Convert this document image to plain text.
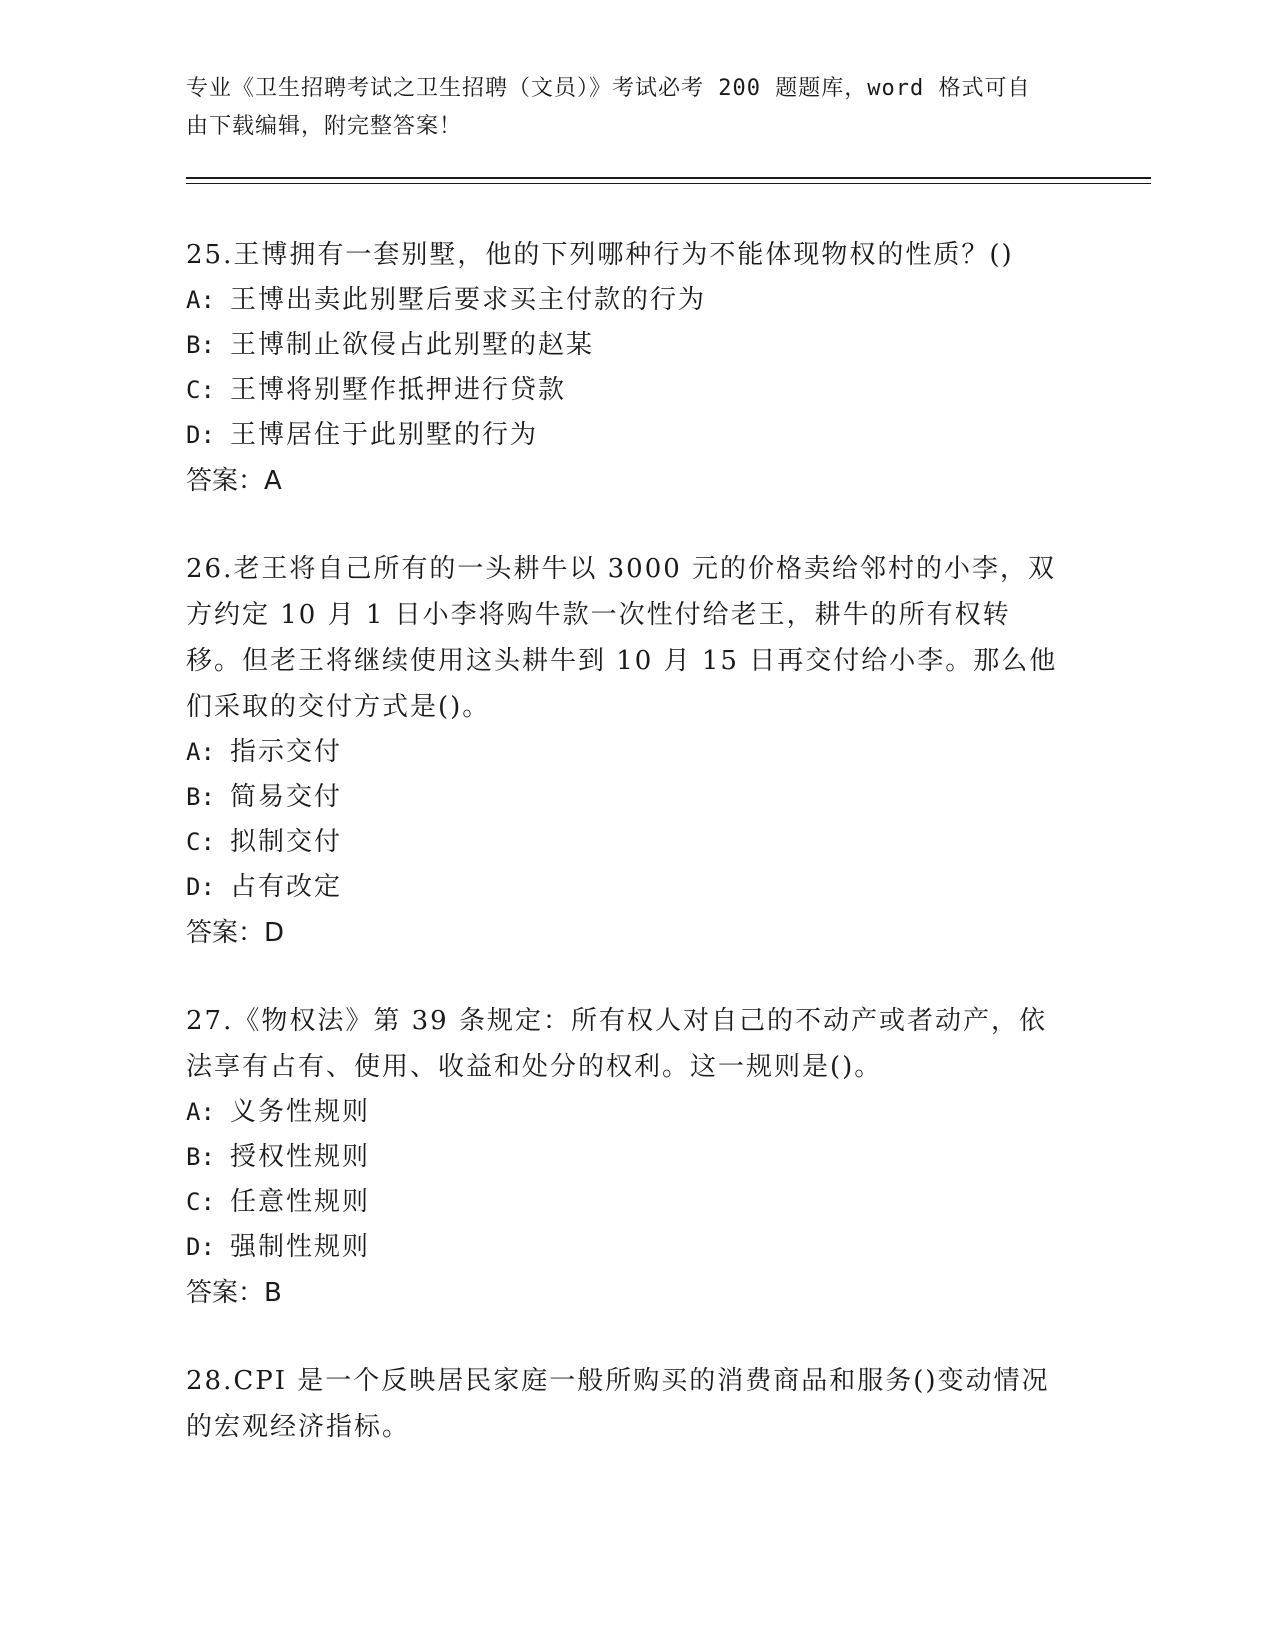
专业《卫生招聘考试之卫生招聘（文员）》考试必考 200 题题库，word 格式可自
由下载编辑，附完整答案！
25.王博拥有一套别墅，他的下列哪种行为不能体现物权的性质？()
A: 王博出卖此别墅后要求买主付款的行为
B: 王博制止欲侵占此别墅的赵某
C: 王博将别墅作抵押进行贷款
D: 王博居住于此别墅的行为
答案：A
26.老王将自己所有的一头耕牛以 3000 元的价格卖给邻村的小李，双方约定 10 月 1 日小李将购牛款一次性付给老王，耕牛的所有权转移。但老王将继续使用这头耕牛到 10 月 15 日再交付给小李。那么他们采取的交付方式是()。
A: 指示交付
B: 简易交付
C: 拟制交付
D: 占有改定
答案：D
27.《物权法》第 39 条规定：所有权人对自己的不动产或者动产，依法享有占有、使用、收益和处分的权利。这一规则是()。
A: 义务性规则
B: 授权性规则
C: 任意性规则
D: 强制性规则
答案：B
28.CPI 是一个反映居民家庭一般所购买的消费商品和服务()变动情况的宏观经济指标。
